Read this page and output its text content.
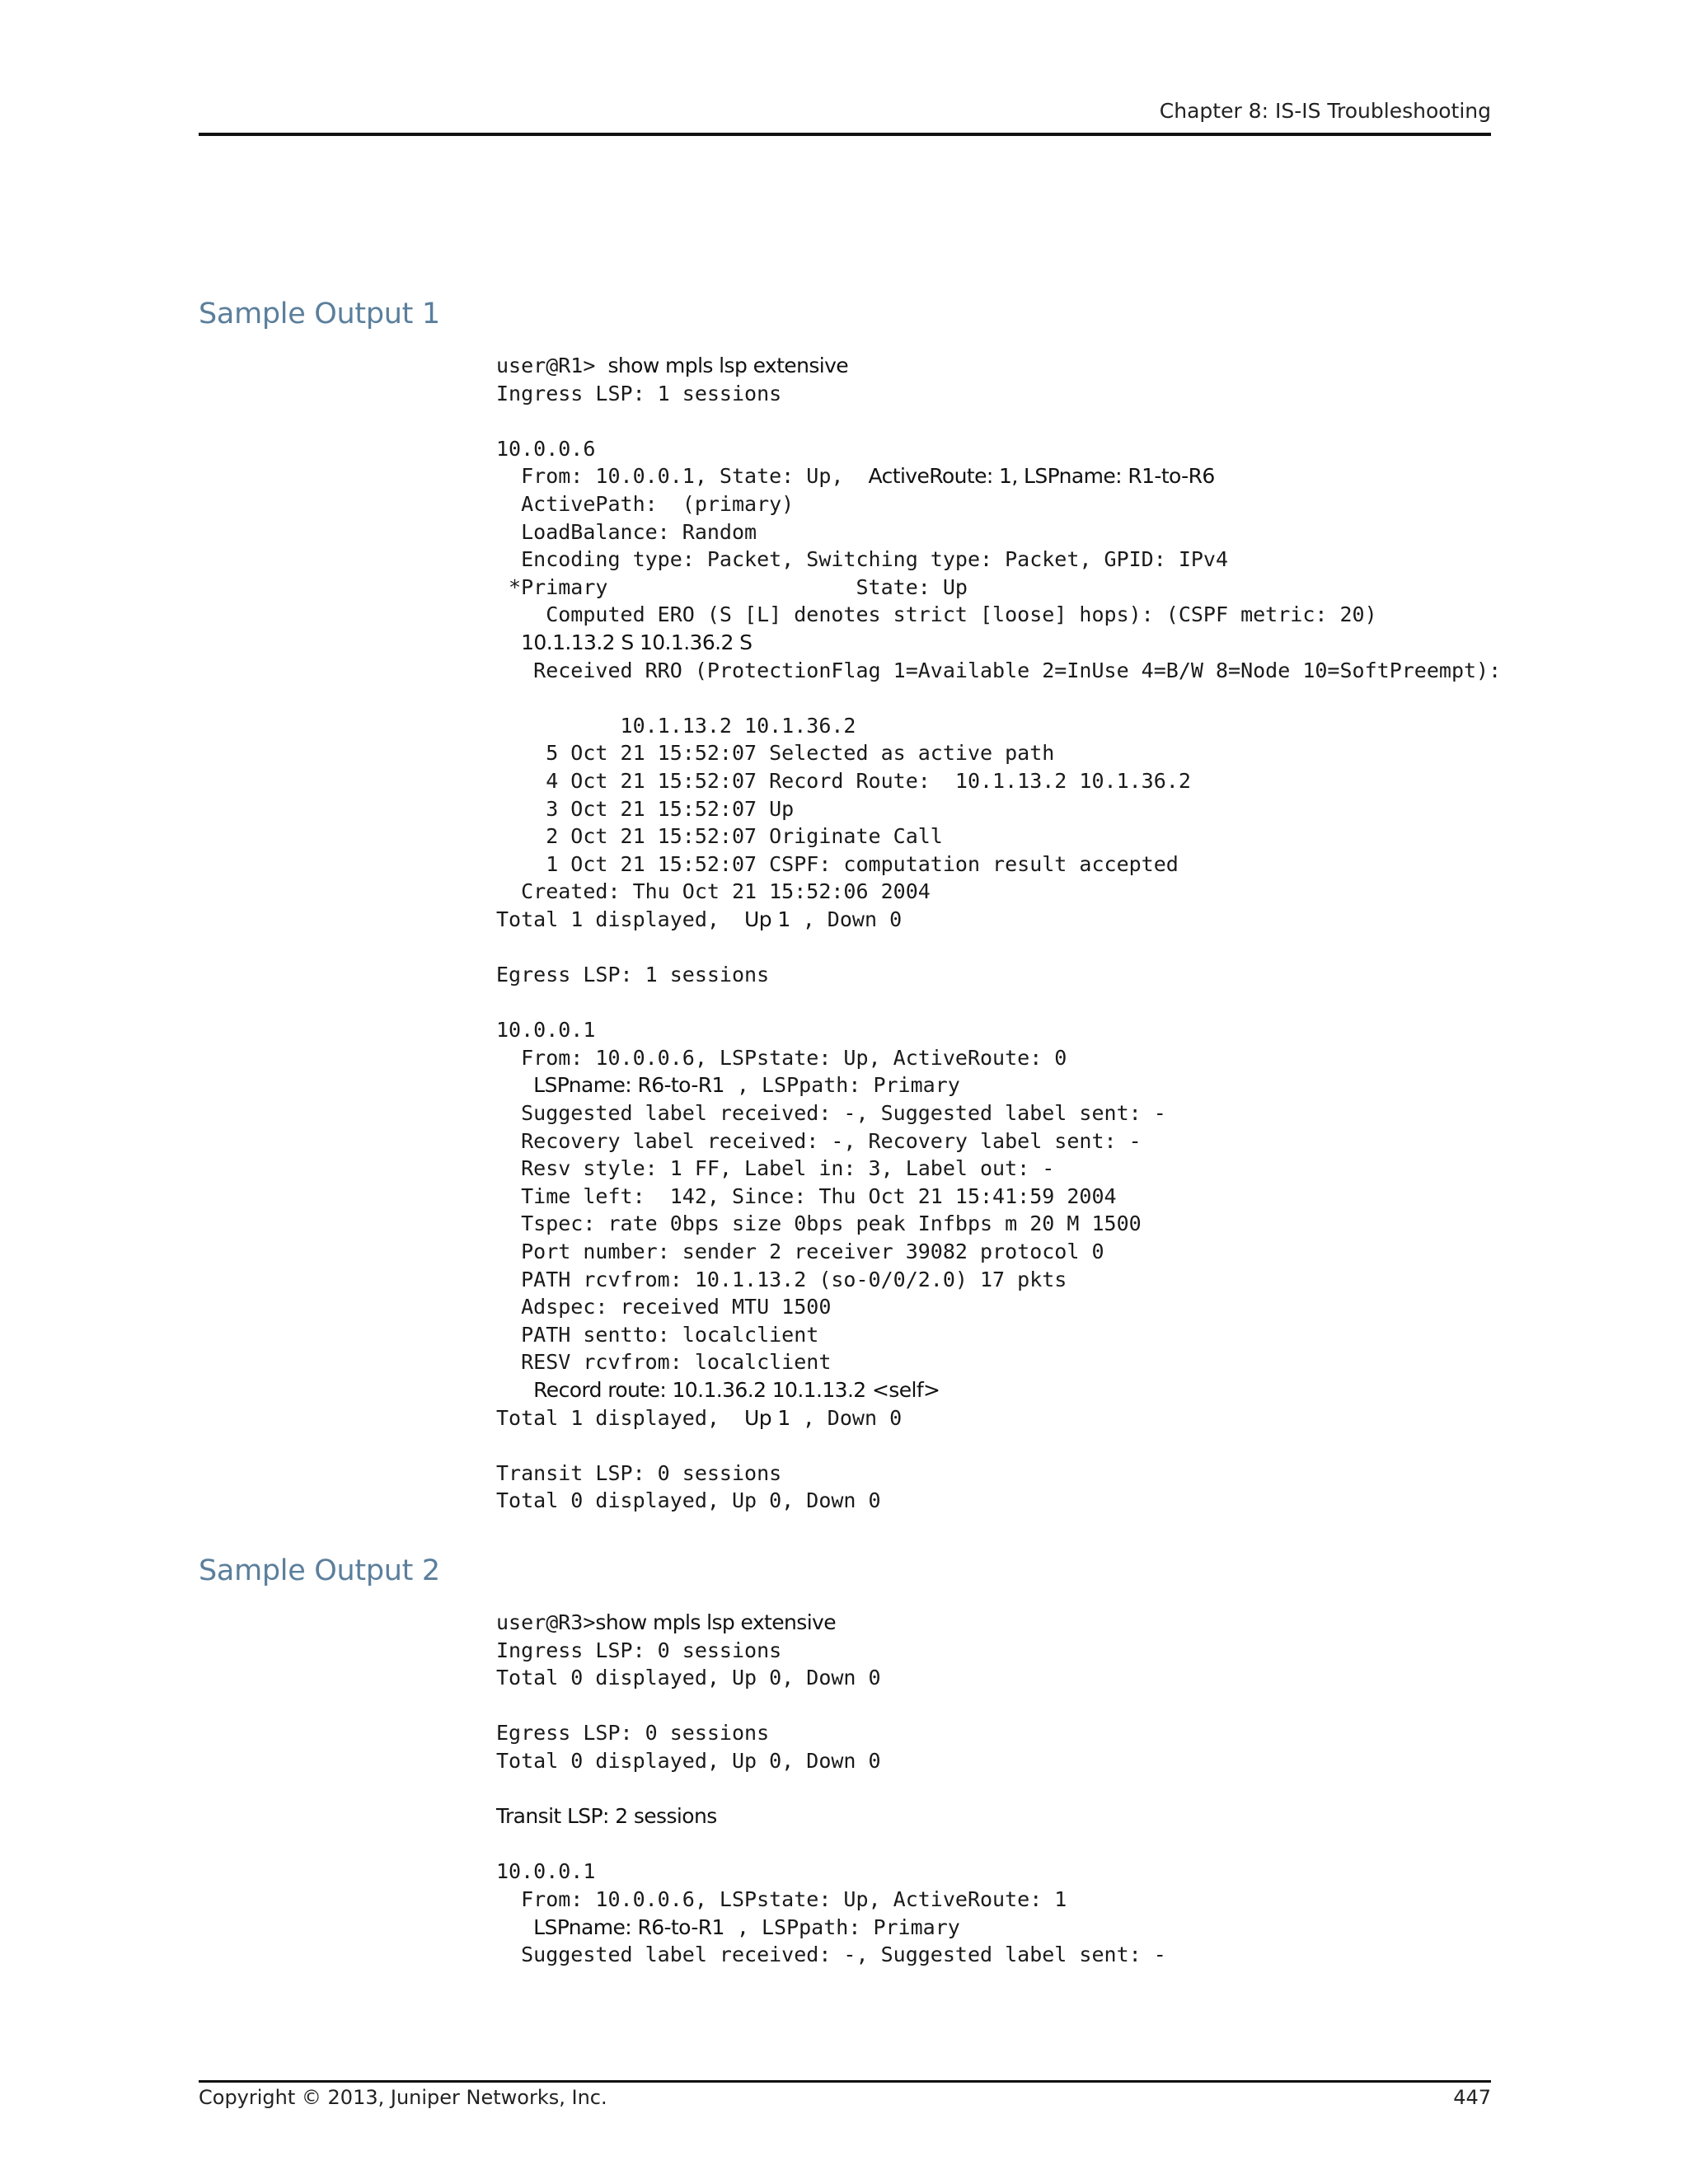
Chapter 8: IS-IS Troubleshooting
Sample Output 1
user@R1> show mpls lsp extensive
Ingress LSP: 1 sessions
10.0.0.6
From: 10.0.0.1, State: Up,  ActiveRoute: 1, LSPname: R1-to-R6
ActivePath:  (primary)
LoadBalance: Random
Encoding type: Packet, Switching type: Packet, GPID: IPv4
*Primary                    State: Up
Computed ERO (S [L] denotes strict [loose] hops): (CSPF metric: 20)
10.1.13.2 S 10.1.36.2 S
Received RRO (ProtectionFlag 1=Available 2=InUse 4=B/W 8=Node 10=SoftPreempt):
10.1.13.2 10.1.36.2
5 Oct 21 15:52:07 Selected as active path
4 Oct 21 15:52:07 Record Route:  10.1.13.2 10.1.36.2
3 Oct 21 15:52:07 Up
2 Oct 21 15:52:07 Originate Call
1 Oct 21 15:52:07 CSPF: computation result accepted
Created: Thu Oct 21 15:52:06 2004
Total 1 displayed,  Up 1 , Down 0
Egress LSP: 1 sessions
10.0.0.1
From: 10.0.0.6, LSPstate: Up, ActiveRoute: 0
LSPname: R6-to-R1 , LSPpath: Primary
Suggested label received: -, Suggested label sent: -
Recovery label received: -, Recovery label sent: -
Resv style: 1 FF, Label in: 3, Label out: -
Time left:  142, Since: Thu Oct 21 15:41:59 2004
Tspec: rate 0bps size 0bps peak Infbps m 20 M 1500
Port number: sender 2 receiver 39082 protocol 0
PATH rcvfrom: 10.1.13.2 (so-0/0/2.0) 17 pkts
Adspec: received MTU 1500
PATH sentto: localclient
RESV rcvfrom: localclient
Record route: 10.1.36.2 10.1.13.2 <self>
Total 1 displayed,  Up 1 , Down 0
Transit LSP: 0 sessions
Total 0 displayed, Up 0, Down 0
Sample Output 2
user@R3>show mpls lsp extensive
Ingress LSP: 0 sessions
Total 0 displayed, Up 0, Down 0
Egress LSP: 0 sessions
Total 0 displayed, Up 0, Down 0
Transit LSP: 2 sessions
10.0.0.1
From: 10.0.0.6, LSPstate: Up, ActiveRoute: 1
LSPname: R6-to-R1 , LSPpath: Primary
Suggested label received: -, Suggested label sent: -
Copyright © 2013, Juniper Networks, Inc.	447
